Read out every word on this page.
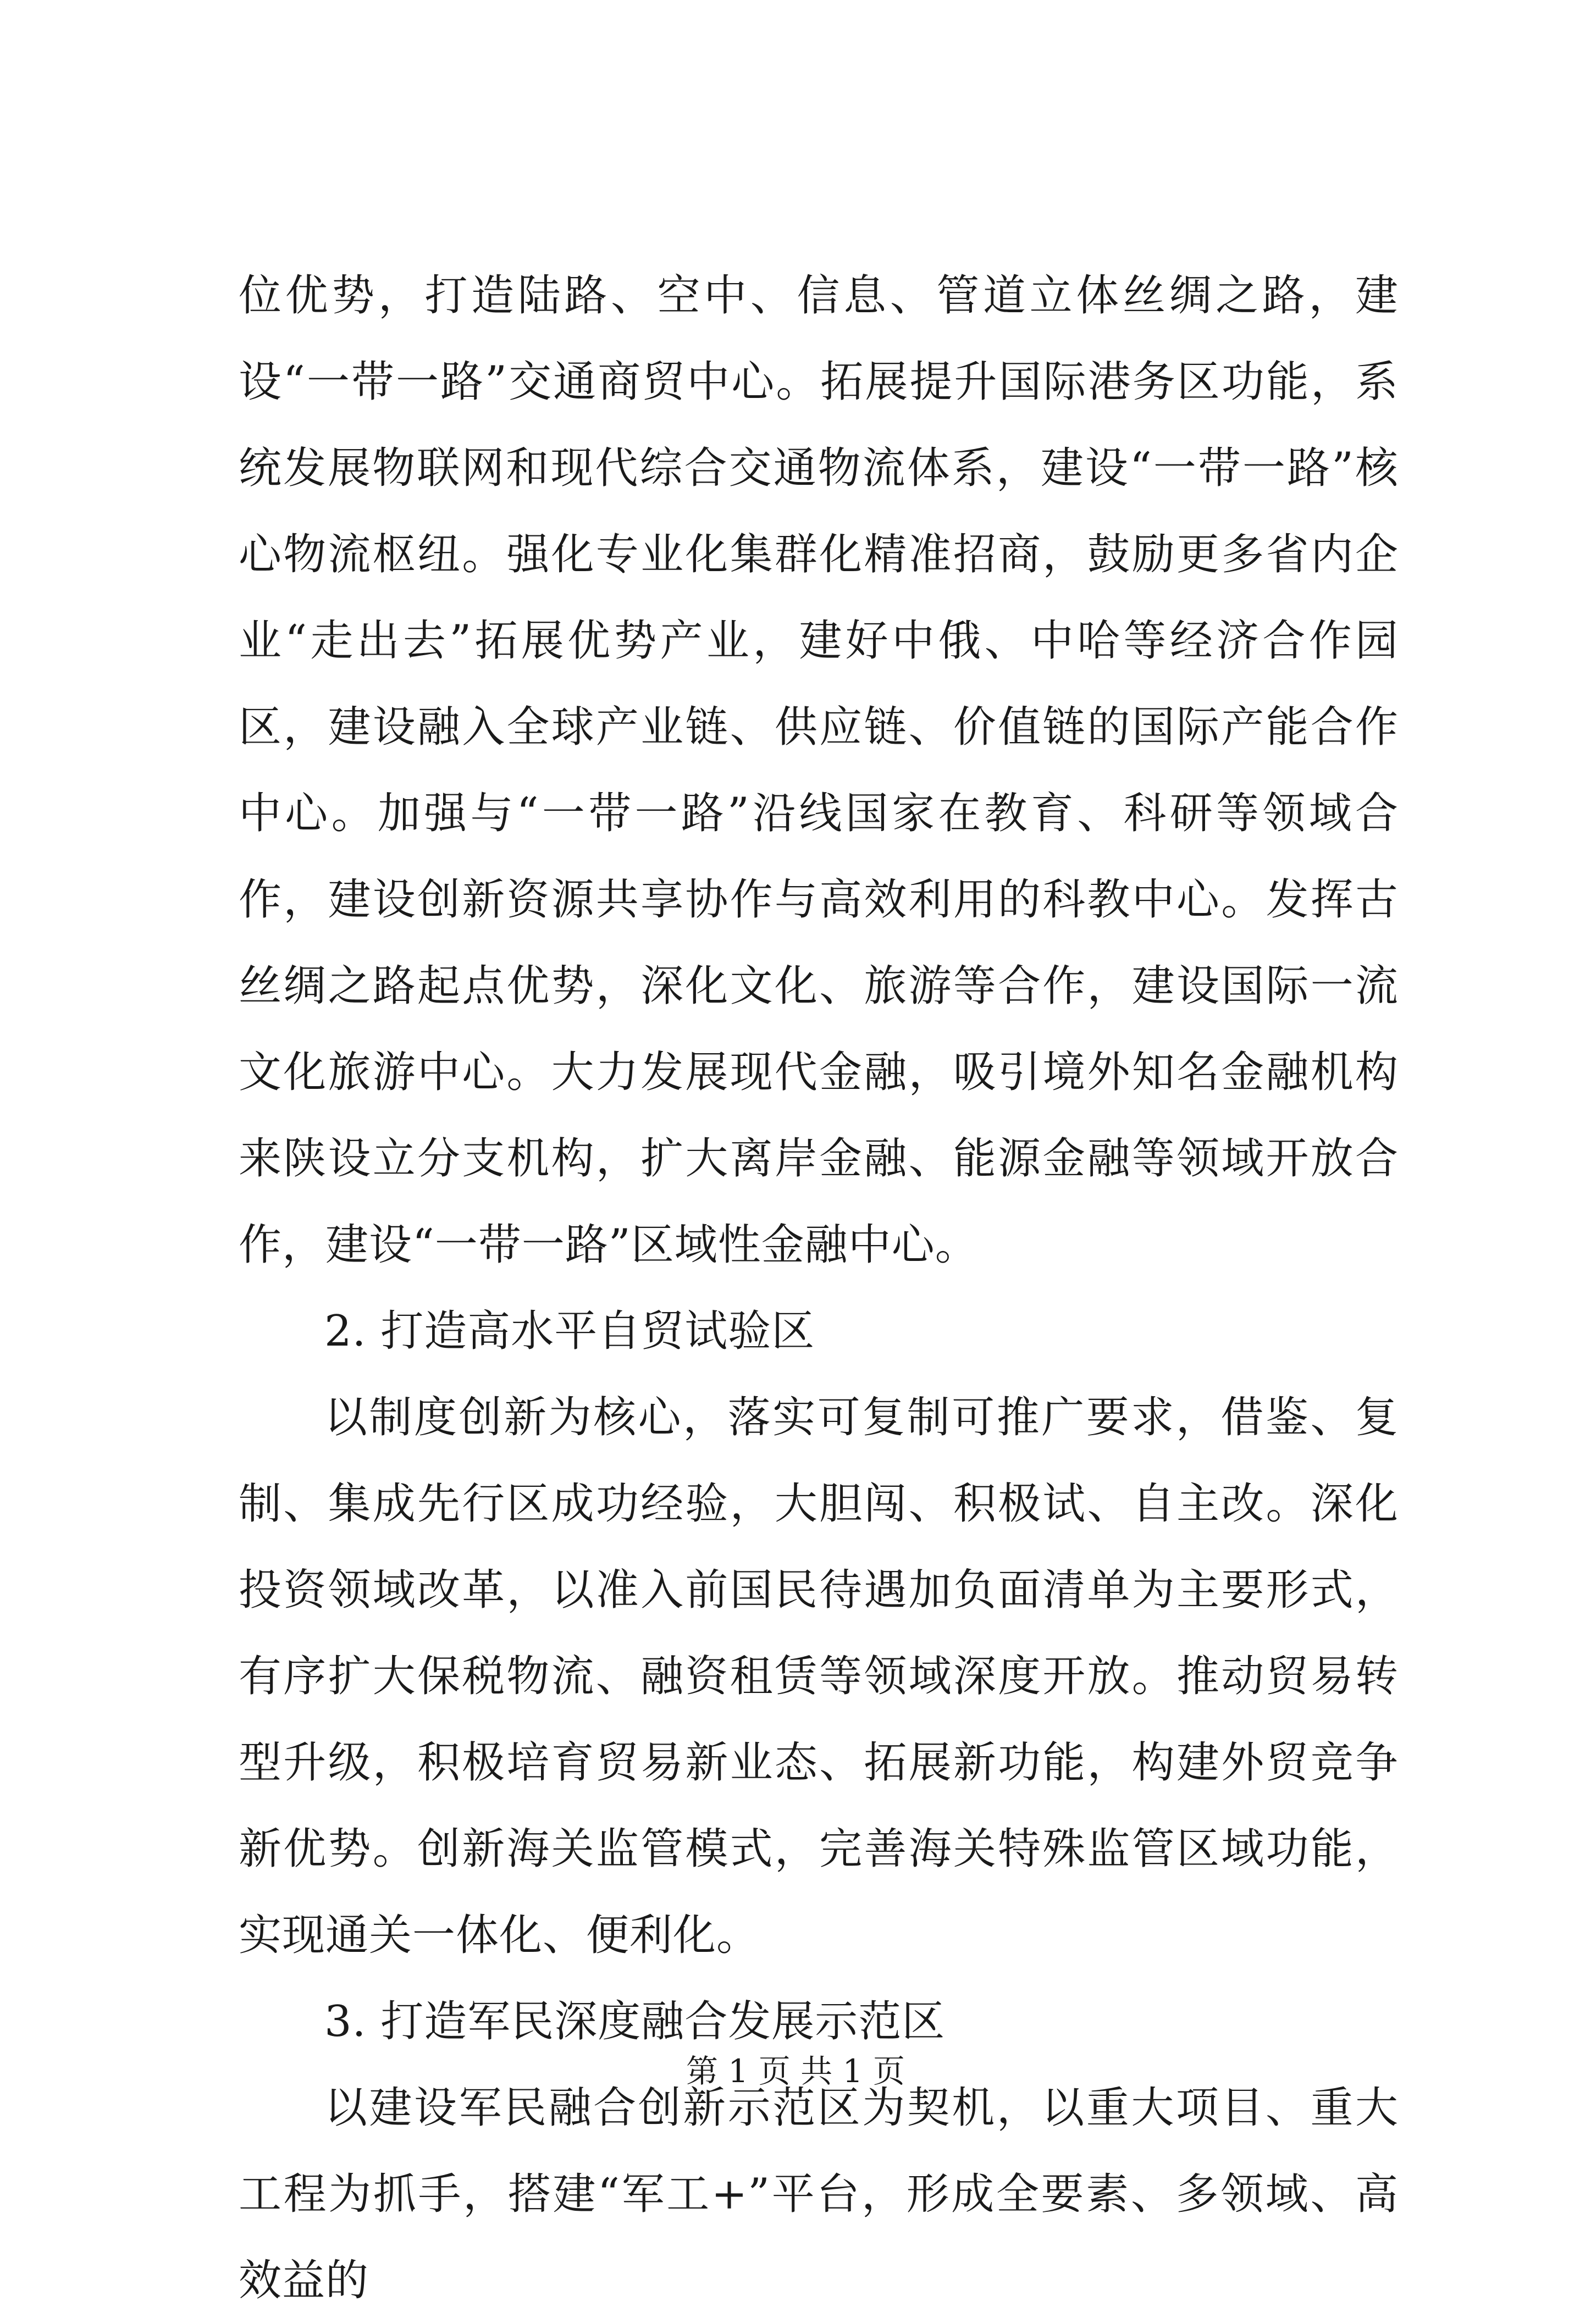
位优势，打造陆路、空中、信息、管道立体丝绸之路，建设“一带一路”交通商贸中心。拓展提升国际港务区功能，系统发展物联网和现代综合交通物流体系，建设“一带一路”核心物流枢纽。强化专业化集群化精准招商，鼓励更多省内企业“走出去”拓展优势产业，建好中俄、中哈等经济合作园区，建设融入全球产业链、供应链、价值链的国际产能合作中心。加强与“一带一路”沿线国家在教育、科研等领域合作，建设创新资源共享协作与高效利用的科教中心。发挥古丝绸之路起点优势，深化文化、旅游等合作，建设国际一流文化旅游中心。大力发展现代金融，吸引境外知名金融机构来陕设立分支机构，扩大离岸金融、能源金融等领域开放合作，建设“一带一路”区域性金融中心。

2. 打造高水平自贸试验区

以制度创新为核心，落实可复制可推广要求，借鉴、复制、集成先行区成功经验，大胆闯、积极试、自主改。深化投资领域改革，以准入前国民待遇加负面清单为主要形式，有序扩大保税物流、融资租赁等领域深度开放。推动贸易转型升级，积极培育贸易新业态、拓展新功能，构建外贸竞争新优势。创新海关监管模式，完善海关特殊监管区域功能，实现通关一体化、便利化。

3. 打造军民深度融合发展示范区

以建设军民融合创新示范区为契机，以重大项目、重大工程为抓手，搭建“军工+”平台，形成全要素、多领域、高效益的

第 1 页 共 1 页
